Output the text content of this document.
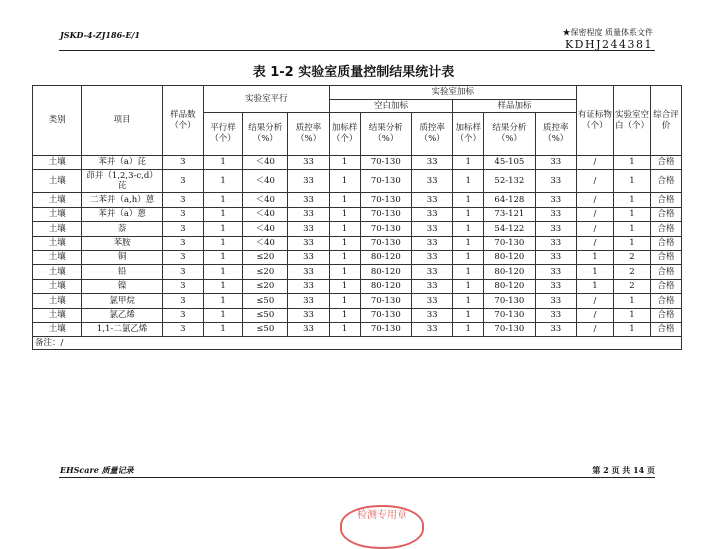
JSKD-4-ZJ186-E/1	★保密程度 质量体系文件
KDHJ244381
表 1-2 实验室质量控制结果统计表
类别	项目	样品数（个）	实验室平行			实验室加标						有证标物（个）	实验室空白（个）	综合评价
						空白加标			样品加标					
			平行样（个）	结果分析（%）	质控率（%）	加标样（个）	结果分析（%）	质控率（%）	加标样（个）	结果分析（%）	质控率（%）			
土壤	苯并（a）芘	3	1	＜40	33	1	70-130	33	1	45-105	33	/	1	合格
土壤	茚并（1,2,3-c,d）芘	3	1	＜40	33	1	70-130	33	1	52-132	33	/	1	合格
土壤	二苯并（a,h）蒽	3	1	＜40	33	1	70-130	33	1	64-128	33	/	1	合格
土壤	苯并（a）蒽	3	1	＜40	33	1	70-130	33	1	73-121	33	/	1	合格
土壤	萘	3	1	＜40	33	1	70-130	33	1	54-122	33	/	1	合格
土壤	苯胺	3	1	＜40	33	1	70-130	33	1	70-130	33	/	1	合格
土壤	铜	3	1	≤20	33	1	80-120	33	1	80-120	33	1	2	合格
土壤	铅	3	1	≤20	33	1	80-120	33	1	80-120	33	1	2	合格
土壤	镍	3	1	≤20	33	1	80-120	33	1	80-120	33	1	2	合格
土壤	氯甲烷	3	1	≤50	33	1	70-130	33	1	70-130	33	/	1	合格
土壤	氯乙烯	3	1	≤50	33	1	70-130	33	1	70-130	33	/	1	合格
土壤	1,1-二氯乙烯	3	1	≤50	33	1	70-130	33	1	70-130	33	/	1	合格
备注：/														
EHScare 质量记录	第 2 页 共 14 页
检测专用章
